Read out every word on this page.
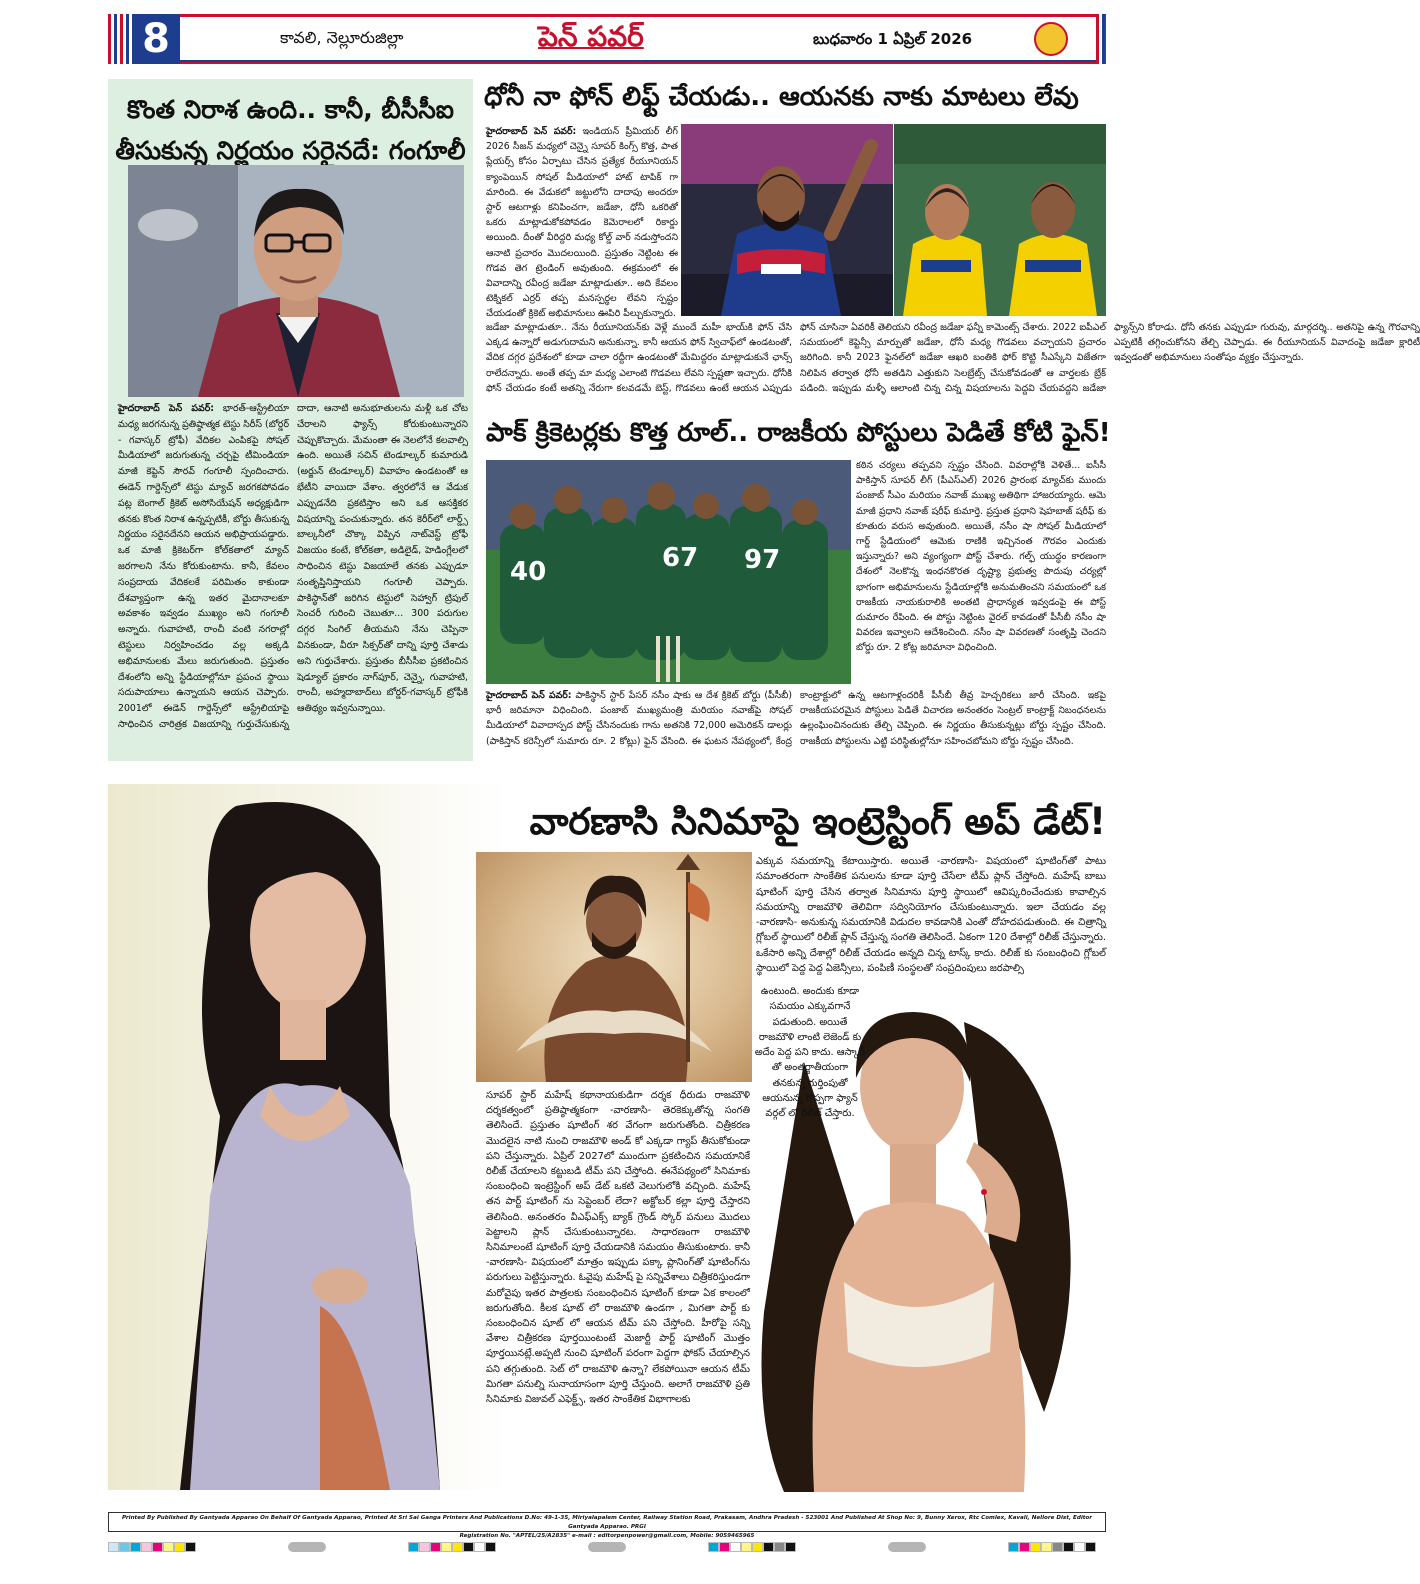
8	కావలి, నెల్లూరుజిల్లా	పెన్ పవర్	బుధవారం 1 ఏప్రిల్ 2026
కొంత నిరాశ ఉంది.. కానీ, బీసీసీఐ తీసుకున్న నిర్ణయం సరైనదే: గంగూలీ
హైదరాబాద్ పెన్ పవర్: భారత్-ఆస్ట్రేలియా మధ్య జరగనున్న ప్రతిష్ఠాత్మక టెస్టు సిరీస్ (బోర్డర్ - గవాస్కర్ ట్రోఫీ) వేదికల ఎంపికపై సోషల్ మీడియాలో జరుగుతున్న చర్చపై టీమిండియా మాజీ కెప్టెన్ సౌరవ్ గంగూలీ స్పందించారు. ఈడెన్ గార్డెన్స్‌లో టెస్టు మ్యాచ్ జరగకపోవడం పట్ల బెంగాల్ క్రికెట్ అసోసియేషన్ అధ్యక్షుడిగా తనకు కొంత నిరాశ ఉన్నప్పటికీ, బోర్డు తీసుకున్న నిర్ణయం సరైనదేనని ఆయన అభిప్రాయపడ్డారు. ఒక మాజీ క్రికెటర్‌గా కోల్‌కతాలో మ్యాచ్ జరగాలని నేను కోరుకుంటాను. కానీ, కేవలం సంప్రదాయ వేదికలకే పరిమితం కాకుండా దేశవ్యాప్తంగా ఉన్న ఇతర మైదానాలకూ అవకాశం ఇవ్వడం ముఖ్యం అని గంగూలీ అన్నారు. గువాహటి, రాంచీ వంటి నగరాల్లో టెస్టులు నిర్వహించడం వల్ల అక్కడి అభిమానులకు మేలు జరుగుతుంది. ప్రస్తుతం దేశంలోని అన్ని స్టేడియాల్లోనూ ప్రపంచ స్థాయి సదుపాయాలు ఉన్నాయని ఆయన చెప్పారు. 2001లో ఈడెన్ గార్డెన్స్‌లో ఆస్ట్రేలియాపై సాధించిన చారిత్రక విజయాన్ని గుర్తుచేసుకున్న దాదా, ఆనాటి అనుభూతులను మళ్లీ ఒక చోట చేరాలని ఫ్యాన్స్ కోరుకుంటున్నారని చెప్పుకొచ్చారు. మేమంతా ఈ నెలలోనే కలవాల్సి ఉంది. అయితే సచిన్ టెండూల్కర్ కుమారుడి (అర్జున్ టెండూల్కర్) వివాహం ఉండటంతో ఆ భేటీని వాయిదా వేశాం. త్వరలోనే ఆ వేడుక ఎప్పుడనేది ప్రకటిస్తాం అని ఒక ఆసక్తికర విషయాన్ని పంచుకున్నారు. తన కెరీర్‌లో లార్డ్స్ బాల్కనీలో చొక్కా విప్పిన నాట్‌వెస్ట్ ట్రోఫీ విజయం కంటే, కోల్‌కతా, అడిలైడ్, హెడింగ్లేలలో సాధించిన టెస్టు విజయాలే తనకు ఎప్పుడూ సంతృప్తినిస్తాయని గంగూలీ చెప్పారు. పాకిస్థాన్‌తో జరిగిన టెస్టులో సెహ్వాగ్ ట్రిపుల్ సెంచరీ గురించి చెబుతూ... 300 పరుగుల దగ్గర సింగిల్ తీయమని నేను చెప్పినా వినకుండా, వీరూ సిక్సర్‌తో దాన్ని పూర్తి చేశాడు అని గుర్తుచేశారు. ప్రస్తుతం బీసీసీఐ ప్రకటించిన షెడ్యూల్ ప్రకారం నాగ్‌పూర్, చెన్నై, గువాహటి, రాంచీ, అహ్మదాబాద్‌లు బోర్డర్-గవాస్కర్ ట్రోఫీకి ఆతిథ్యం ఇవ్వనున్నాయి.
ధోనీ నా ఫోన్ లిఫ్ట్ చేయడు.. ఆయనకు నాకు మాటలు లేవు
హైదరాబాద్ పెన్ పవర్: ఇండియన్ ప్రీమియర్ లీగ్ 2026 సీజన్ మధ్యలో చెన్నై సూపర్ కింగ్స్ కొత్త, పాత ప్లేయర్స్ కోసం ఏర్పాటు చేసిన ప్రత్యేక రీయూనియన్ క్యాంపెయిన్ సోషల్ మీడియాలో హాట్ టాపిక్ గా మారింది. ఈ వేడుకలో జట్టులోని దాదాపు అందరూ స్టార్ ఆటగాళ్లు కనిపించగా, జడేజా, ధోనీ ఒకరితో ఒకరు మాట్లాడుకోకపోవడం కెమెరాలలో రికార్డు అయింది. దీంతో వీరిద్దరి మధ్య కోల్డ్ వార్ నడుస్తోందని ఆనాటి ప్రచారం మొదలయింది. ప్రస్తుతం నెట్టింట ఈ గొడవ తెగ ట్రెండింగ్ అవుతుంది. ఈక్రమంలో ఈ వివాదాన్ని రవీంద్ర జడేజా మాట్లాడుతూ.. అది కేవలం టెక్నికల్ ఎర్రర్ తప్ప మనస్పర్థల లేవని స్పష్టం చేయడంతో క్రికెట్ అభిమానులు ఊపిరి పీల్చుకున్నారు.
జడేజా మాట్లాడుతూ.. నేను రీయూనియన్‌కు వెళ్లే ముందే మహీ భాయ్‌కి ఫోన్ చేసి ఎక్కడ ఉన్నారో అడుగుదామని అనుకున్నా. కానీ ఆయన ఫోన్ స్విచాఫ్‌లో ఉండటంతో, వేదిక దగ్గర ప్రదేశంలో కూడా చాలా రద్దీగా ఉండటంతో మేమిద్దరం మాట్లాడుకునే ఛాన్స్ రాలేదన్నారు. అంతే తప్ప మా మధ్య ఎలాంటి గొడవలు లేవని స్పష్టతా ఇచ్చారు. ధోనీకి ఫోన్ చేయడం కంటే అతన్ని నేరుగా కలవడమే బెస్ట్, గొడవలు ఉంటే ఆయన ఎప్పుడు ఫోన్ చూసినా ఏవరికీ తెలియని రవీంద్ర జడేజా ఫన్నీ కామెంట్స్ చేశారు. 2022 ఐపీఎల్ సమయంలో కెప్టెన్సీ మార్పుతో జడేజా, ధోనీ మధ్య గొడవలు వచ్చాయని ప్రచారం జరిగింది. కానీ 2023 ఫైనల్‌లో జడేజా ఆఖరి బంతికి ఫోర్ కొట్టి సీఎస్కేని విజేతగా నిలిపిన తర్వాత ధోనీ అతడిని ఎత్తుకుని సెలబ్రేట్స్ చేసుకోవడంతో ఆ వార్తలకు బ్రేక్ పడింది. ఇప్పుడు మళ్ళీ ఆలాంటి చిన్న చిన్న విషయాలను పెద్దవి చేయవద్దని జడేజా ఫ్యాన్స్‌ని కోరాడు. ధోనీ తనకు ఎప్పుడూ గురువు, మార్గదర్శి.. అతనిపై ఉన్న గౌరవాన్ని ఎప్పటికీ తగ్గించుకోనని తేల్చి చెప్పాడు. ఈ రీయూనియన్ వివాదంపై జడేజా క్లారిటీ ఇవ్వడంతో అభిమానులు సంతోషం వ్యక్తం చేస్తున్నారు.
పాక్ క్రికెటర్లకు కొత్త రూల్.. రాజకీయ పోస్టులు పెడితే కోటి ఫైన్!
40	67 97
కఠిన చర్యలు తప్పవని స్పష్టం చేసింది. వివరాల్లోకి వెళితే... ఐసీసీ పాకిస్తాన్ సూపర్ లీగ్ (పీఎస్ఎల్) 2026 ప్రారంభ మ్యాచ్‌కు ముందు పంజాబ్ సీఎం మరియం నవాజ్ ముఖ్య అతిథిగా హాజరయ్యారు. ఆమె మాజీ ప్రధాని నవాజ్ షరీఫ్ కుమార్తె. ప్రస్తుత ప్రధాని షెహబాజ్ షరీఫ్ కు కూతురు వరుస అవుతుంది. అయితే, నసీం షా సోషల్ మీడియాలో గార్డ్ స్టేడియంలో ఆమెకు రాణికి ఇచ్చినంత గౌరవం ఎందుకు ఇస్తున్నారు? అని వ్యంగ్యంగా పోస్ట్ చేశారు. గల్ఫ్ యుద్ధం కారణంగా దేశంలో నెలకొన్న ఇంధనకొరత దృష్ట్యా ప్రభుత్వ పొదుపు చర్యల్లో భాగంగా అభిమానులను స్టేడియాల్లోకి అనుమతించని సమయంలో ఒక రాజకీయ నాయకురాలికి అంతటి ప్రాధాన్యత ఇవ్వడంపై ఈ పోస్ట్ దుమారం రేపింది. ఈ పోస్టు నెట్టింట వైరల్ కావడంతో పీసీబీ నసీం షా వివరణ ఇవ్వాలని ఆదేశించింది. నసీం షా వివరణతో సంతృప్తి చెందని బోర్డు రూ. 2 కోట్ల జరిమానా విధించింది.
హైదరాబాద్ పెన్ పవర్: పాకిస్థాన్ స్టార్ పేసర్ నసీం షాకు ఆ దేశ క్రికెట్ బోర్డు (పీసీబీ) భారీ జరిమానా విధించింది. పంజాబ్ ముఖ్యమంత్రి మరియం నవాజ్‌పై సోషల్ మీడియాలో వివాదాస్పద పోస్ట్ చేసినందుకు గాను అతనికి 72,000 అమెరికన్ డాలర్లు (పాకిస్తాన్ కరెన్సీలో సుమారు రూ. 2 కోట్లు) ఫైన్ వేసింది. ఈ ఘటన నేపథ్యంలో, కేంద్ర కాంట్రాక్టులో ఉన్న ఆటగాళ్లందరికీ పీసీబీ తీవ్ర హెచ్చరికలు జారీ చేసింది. ఇకపై రాజకీయపరమైన పోస్టులు పెడితే విచారణ అనంతరం సెంట్రల్ కాంట్రాక్ట్ నిబంధనలను ఉల్లంఘించినందుకు తేల్చి చెప్పింది. ఈ నిర్ణయం తీసుకున్నట్లు బోర్డు స్పష్టం చేసింది. రాజకీయ పోస్టులను ఎట్టి పరిస్థితుల్లోనూ సహించబోమని బోర్డు స్పష్టం చేసింది.
వారణాసి సినిమాపై ఇంట్రెస్టింగ్ అప్ డేట్!
ఎక్కువ సమయాన్ని కేటాయిస్తారు. అయితే -వారణాసి- విషయంలో షూటింగ్‌తో పాటు సమాంతరంగా సాంకేతిక పనులను కూడా పూర్తి చేసేలా టీమ్ ప్లాన్ చేస్తోంది. మహేష్ బాబు షూటింగ్ పూర్తి చేసిన తర్వాత సినిమాను పూర్తి స్థాయిలో ఆవిష్కరించేందుకు కావాల్సిన సమయాన్ని రాజమౌళి తెలివిగా సద్వినియోగం చేసుకుంటున్నారు. ఇలా చేయడం వల్ల -వారణాసి- అనుకున్న సమయానికి విడుదల కావడానికి ఎంతో దోహదపడుతుంది. ఈ చిత్రాన్ని గ్లోబల్ స్థాయిలో రిలీజ్ ప్లాన్ చేస్తున్న సంగతి తెలిసిందే. ఏకంగా 120 దేశాల్లో రిలీజ్ చేస్తున్నారు. ఒకేసారి అన్ని దేశాల్లో రిలీజ్ చేయడం అన్నది చిన్న టాస్క్ కాదు. రిలీజ్ కు సంబంధించి గ్లోబల్ స్థాయిలో పెద్ద పెద్ద ఏజెన్సీలు, పంపిణీ సంస్థలతో సంప్రదింపులు జరపాల్సి
ఉంటుంది. అందుకు కూడా సమయం ఎక్కువగానే పడుతుంది. అయితే రాజమౌళి లాంటి లెజెండ్ కు అదేం పెద్ద పని కాదు. ఆస్కార్ తో అంతర్జాతీయంగా తనకున్న గుర్తింపుతో ఆయనున్న గొప్పగా ఫ్యాన్ వర్గల్ లో రిలీజ్ చేస్తారు.
సూపర్ స్టార్ మహేష్ కథానాయకుడిగా దర్శక ధీరుడు రాజమౌళి దర్శకత్వంలో ప్రతిష్ఠాత్మకంగా -వారణాసి- తెరకెక్కుతోన్న సంగతి తెలిసిందే. ప్రస్తుతం షూటింగ్ శర వేగంగా జరుగుతోంది. చిత్రీకరణ మొదలైన నాటి నుంచి రాజమౌళి అండ్ కో ఎక్కడా గ్యాప్ తీసుకోకుండా పని చేస్తున్నారు. ఏప్రిల్ 2027లో ముందుగా ప్రకటించిన సమయానికే రిలీజ్ చేయాలని కట్టుబడి టీమ్ పని చేస్తోంది. ఈనేపథ్యంలో సినిమాకు సంబంధించి ఇంట్రెస్టింగ్ అప్ డేట్ ఒకటి వెలుగులోకి వచ్చింది. మహేష్ తన పార్ట్ షూటింగ్ ను సెప్టెంబర్ లేదా? అక్టోబర్ కల్లా పూర్తి చేస్తారని తెలిసింది. అనంతరం వీఎఫ్ఎక్స్ బ్యాక్ గ్రౌండ్ స్కోర్ పనులు మొదలు పెట్టాలని ప్లాన్ చేసుకుంటున్నారట. సాధారణంగా రాజమౌళి సినిమాలంటే షూటింగ్ పూర్తి చేయడానికి సమయం తీసుకుంటారు. కానీ -వారణాసి- విషయంలో మాత్రం ఇప్పుడు పక్కా ప్లానింగ్‌తో షూటింగ్‌ను పరుగులు పెట్టిస్తున్నారు. ఓవైపు మహేష్ పై సన్నివేశాలు చిత్రీకరిస్తుండగా మరోవైపు ఇతర పాత్రలకు సంబంధించిన షూటింగ్ కూడా ఏక కాలంలో జరుగుతోంది. కీలక షూట్ లో రాజమౌళి ఉండగా , మిగతా పార్ట్ కు సంబంధించిన షూట్ లో ఆయన టీమ్ పని చేస్తోంది. హీరోపై సన్ని వేశాల చిత్రీకరణ పూర్తయింటంటే మెజార్టీ పార్ట్ షూటింగ్ మొత్తం పూర్తయినట్లే.అప్పటి నుంచి షూటింగ్ పరంగా పెద్దగా ఫోకస్ చేయాల్సిన పని తగ్గుతుంది. సెట్ లో రాజమౌళి ఉన్నా? లేకపోయినా ఆయన టీమ్ మిగతా పనుల్ని సునాయాసంగా పూర్తి చేస్తుంది. అలాగే రాజమౌళి ప్రతి సినిమాకు విజువల్ ఎఫెక్ట్స్, ఇతర సాంకేతిక విభాగాలకు
Printed By Published By Gantyada Apparao On Behalf Of Gantyada Apparao, Printed At Sri Sai Ganga Printers And Publications D.No: 49-1-35, Miriyalapalem Center, Railway Station Road, Prakasam, Andhra Pradesh - 523001 And Published At Shop No: 9, Bunny Xerox, Rtc Comlex, Kavali, Nellore Dist, Editor Gantyada Apparao. PRGI
Registration No. "APTEL/25/A2835" e-mail : editorpenpower@gmail.com, Mobile: 9059465965
